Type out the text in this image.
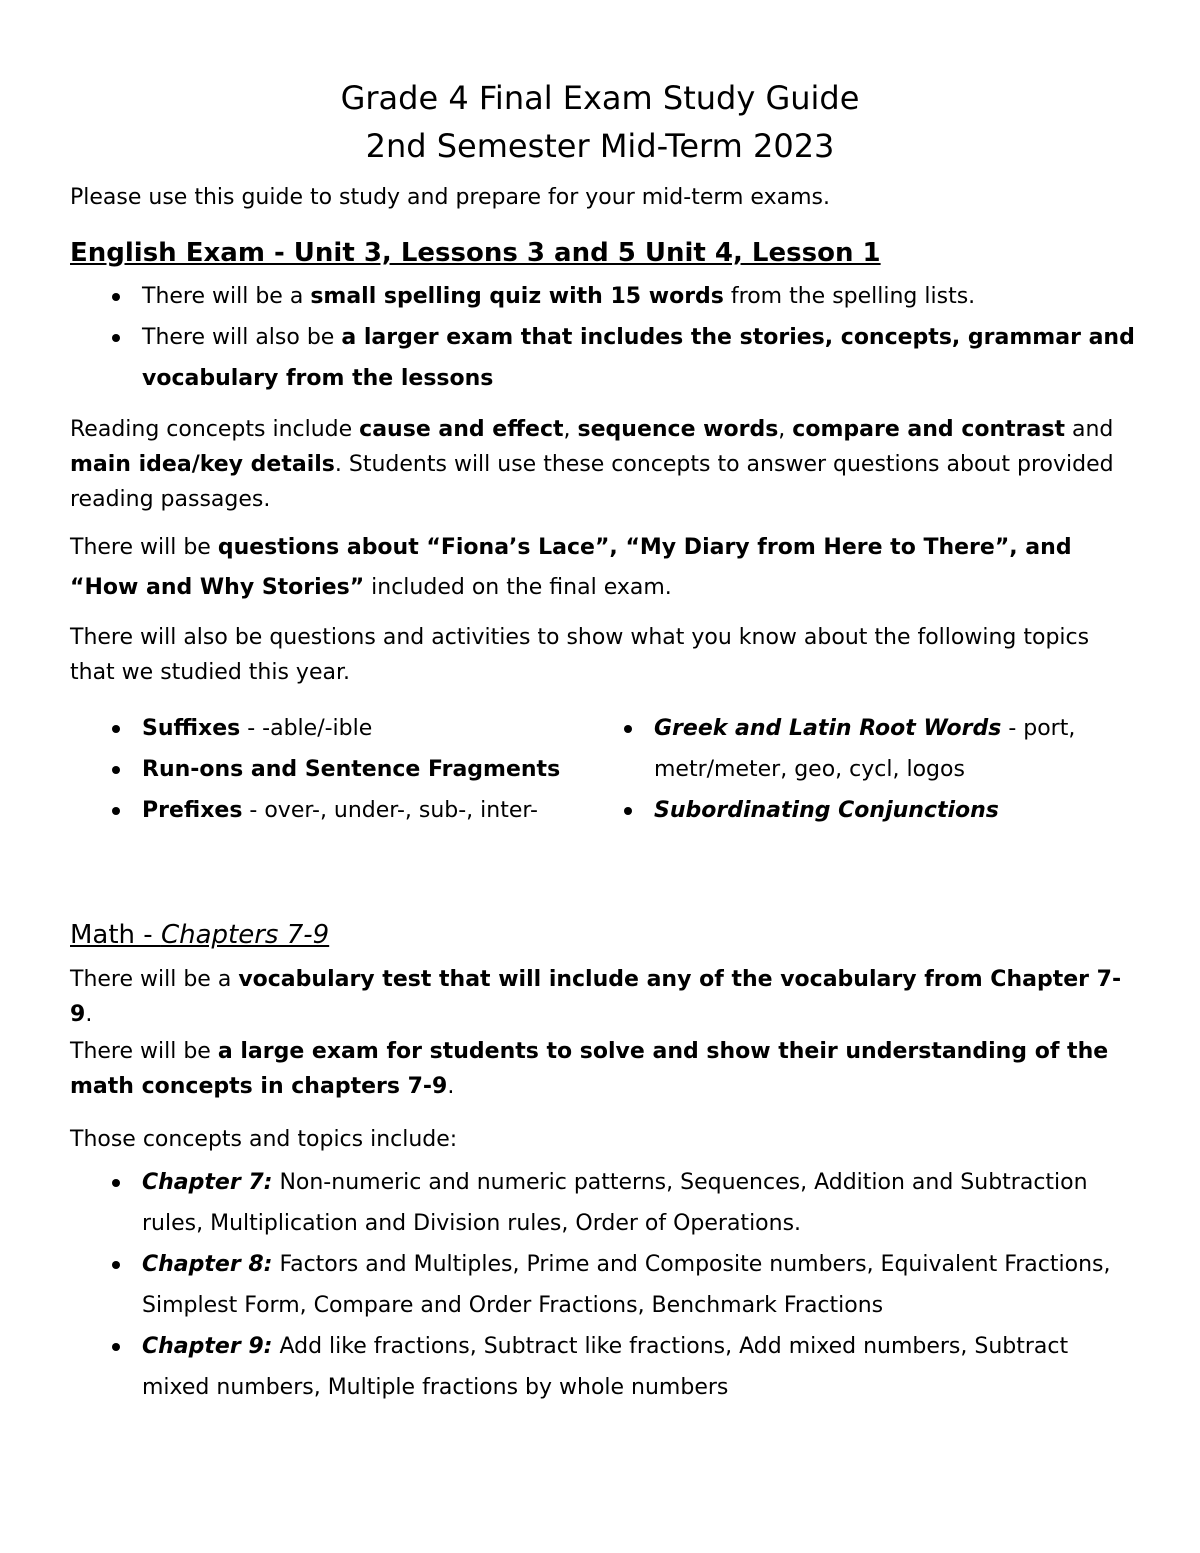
Grade 4 Final Exam Study Guide
2nd Semester Mid-Term 2023

Please use this guide to study and prepare for your mid-term exams.

English Exam - Unit 3, Lessons 3 and 5 Unit 4, Lesson 1
There will be a small spelling quiz with 15 words from the spelling lists.
There will also be a larger exam that includes the stories, concepts, grammar and vocabulary from the lessons

Reading concepts include cause and effect, sequence words, compare and contrast and main idea/key details. Students will use these concepts to answer questions about provided reading passages.

There will be questions about “Fiona’s Lace”, “My Diary from Here to There”, and “How and Why Stories” included on the final exam.

There will also be questions and activities to show what you know about the following topics that we studied this year.

Suffixes - -able/-ible
Run-ons and Sentence Fragments
Prefixes - over-, under-, sub-, inter-
Greek and Latin Root Words - port, metr/meter, geo, cycl, logos
Subordinating Conjunctions
Math - Chapters 7-9

There will be a vocabulary test that will include any of the vocabulary from Chapter 7-9.

There will be a large exam for students to solve and show their understanding of the math concepts in chapters 7-9.

Those concepts and topics include:

Chapter 7: Non-numeric and numeric patterns, Sequences, Addition and Subtraction rules, Multiplication and Division rules, Order of Operations.
Chapter 8: Factors and Multiples, Prime and Composite numbers, Equivalent Fractions, Simplest Form, Compare and Order Fractions, Benchmark Fractions
Chapter 9: Add like fractions, Subtract like fractions, Add mixed numbers, Subtract mixed numbers, Multiple fractions by whole numbers
